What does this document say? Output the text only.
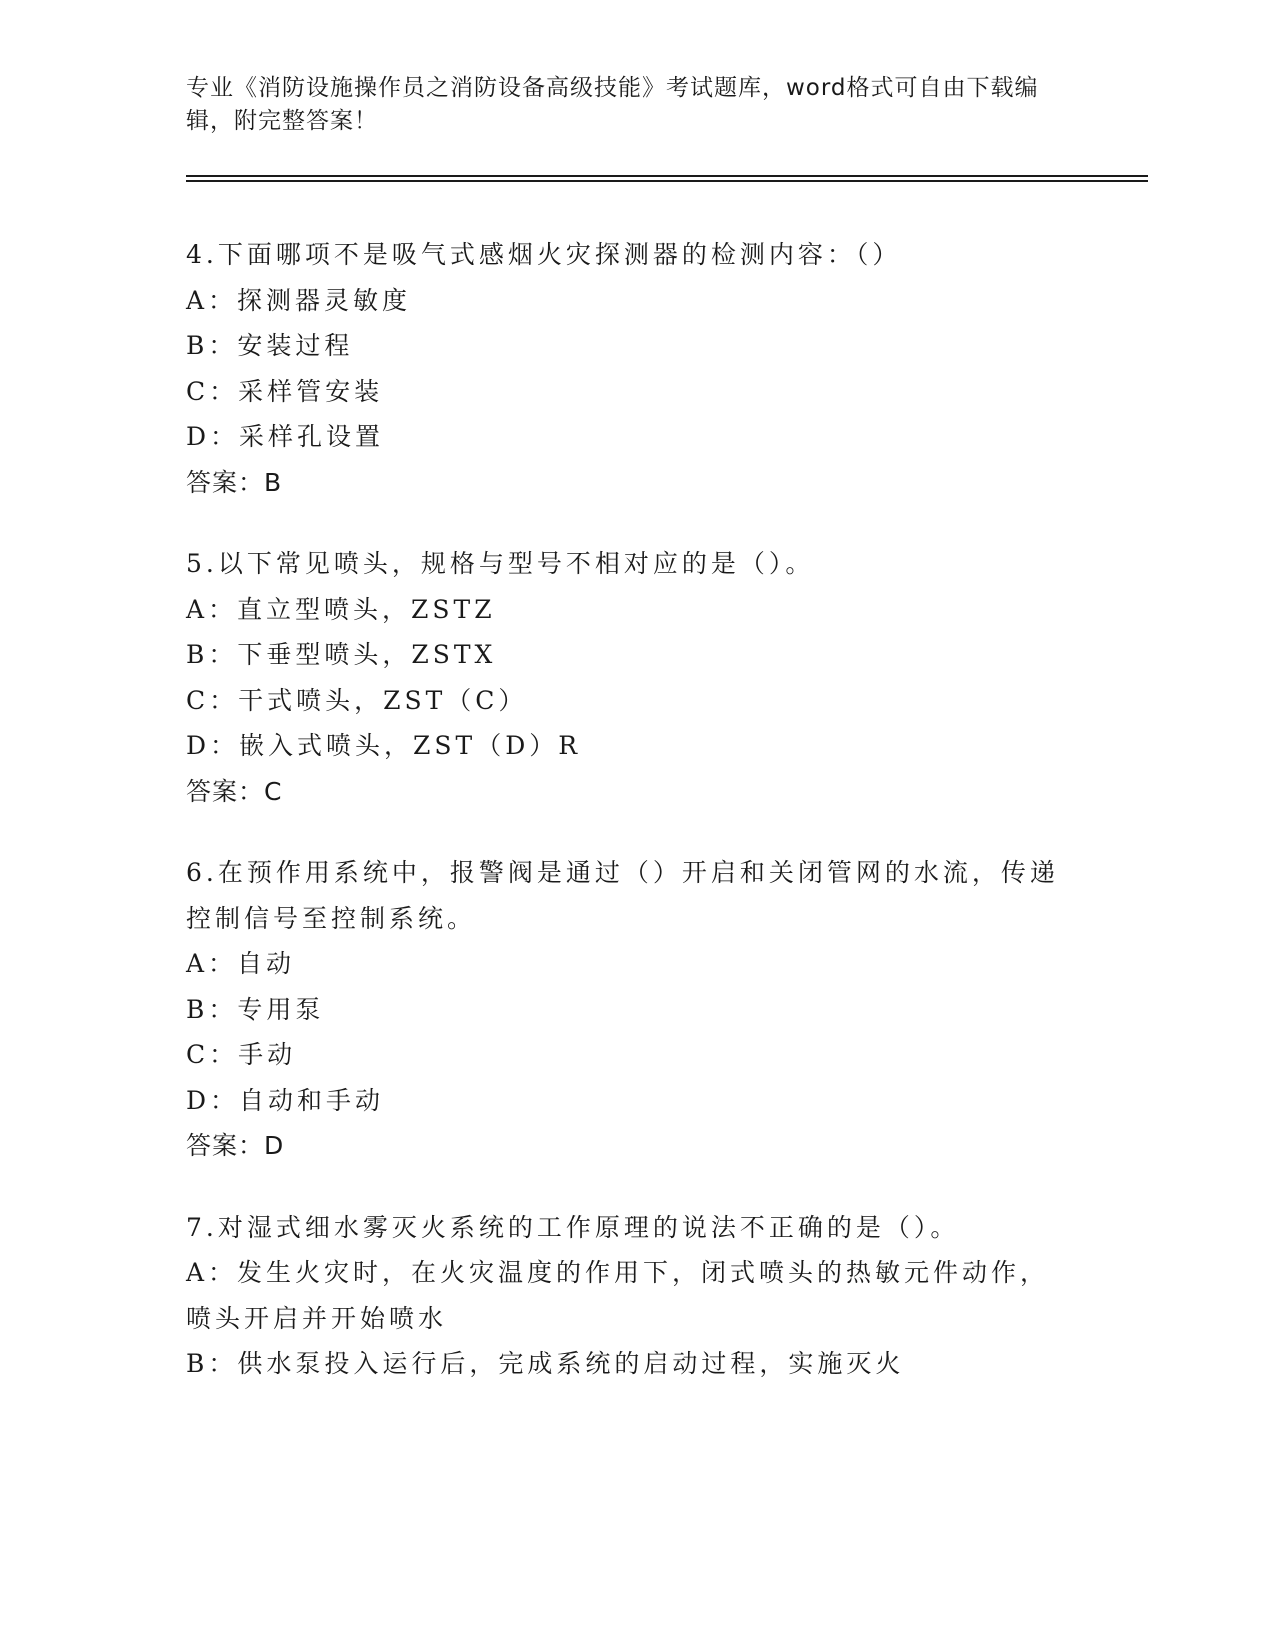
专业《消防设施操作员之消防设备高级技能》考试题库，word格式可自由下载编辑，附完整答案！
4.下面哪项不是吸气式感烟火灾探测器的检测内容：（）
A：探测器灵敏度
B：安装过程
C：采样管安装
D：采样孔设置
答案：B
5.以下常见喷头，规格与型号不相对应的是（）。
A：直立型喷头，ZSTZ
B：下垂型喷头，ZSTX
C：干式喷头，ZST（C）
D：嵌入式喷头，ZST（D）R
答案：C
6.在预作用系统中，报警阀是通过（）开启和关闭管网的水流，传递控制信号至控制系统。
A：自动
B：专用泵
C：手动
D：自动和手动
答案：D
7.对湿式细水雾灭火系统的工作原理的说法不正确的是（）。
A：发生火灾时，在火灾温度的作用下，闭式喷头的热敏元件动作，喷头开启并开始喷水
B：供水泵投入运行后，完成系统的启动过程，实施灭火
